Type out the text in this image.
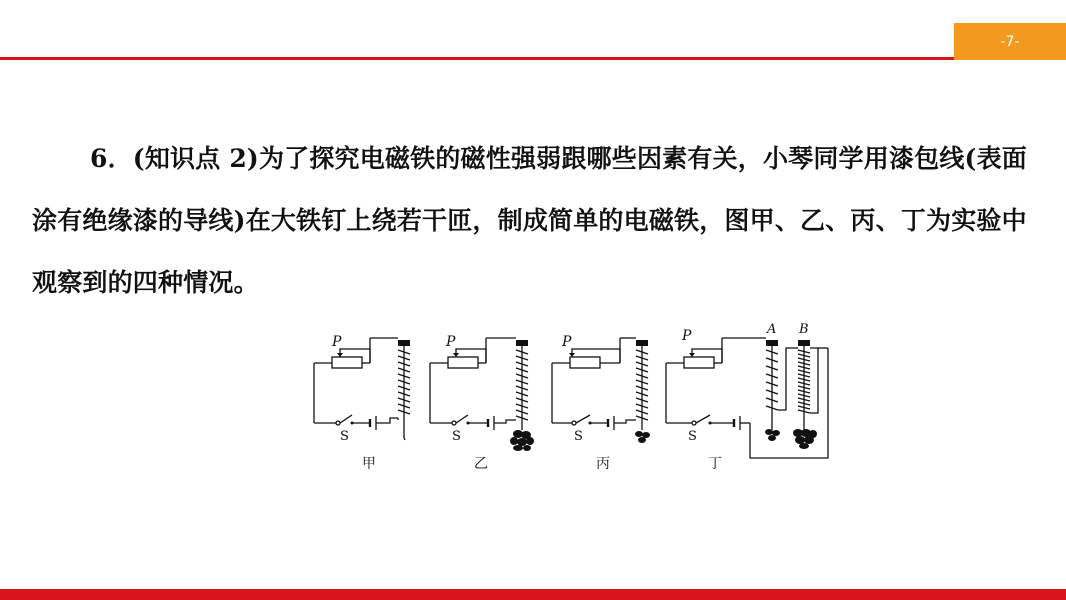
-7-
6．(知识点 2)为了探究电磁铁的磁性强弱跟哪些因素有关，小琴同学用漆包线(表面涂有绝缘漆的导线)在大铁钉上绕若干匝，制成简单的电磁铁，图甲、乙、丙、丁为实验中观察到的四种情况。
P	P	P	P
S	S	S	S
A B
甲	乙	丙	丁
